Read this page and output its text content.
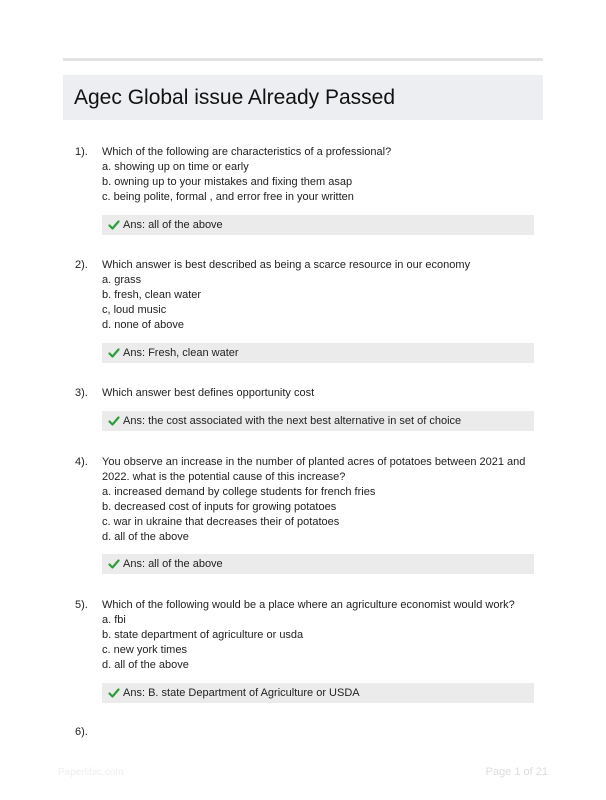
Agec Global issue Already Passed
1). Which of the following are characteristics of a professional?
a. showing up on time or early
b. owning up to your mistakes and fixing them asap
c. being polite, formal , and error free in your written
Ans: all of the above
2). Which answer is best described as being a scarce resource in our economy
a. grass
b. fresh, clean water
c, loud music
d. none of above
Ans: Fresh, clean water
3). Which answer best defines opportunity cost
Ans: the cost associated with the next best alternative in set of choice
4). You observe an increase in the number of planted acres of potatoes between 2021 and
2022. what is the potential cause of this increase?
a. increased demand by college students for french fries
b. decreased cost of inputs for growing potatoes
c. war in ukraine that decreases their of potatoes
d. all of the above
Ans: all of the above
5). Which of the following would be a place where an agriculture economist would work?
a. fbi
b. state department of agriculture or usda
c. new york times
d. all of the above
Ans: B. state Department of Agriculture or USDA
6).
Paperlibic.com	Page 1 of 21
